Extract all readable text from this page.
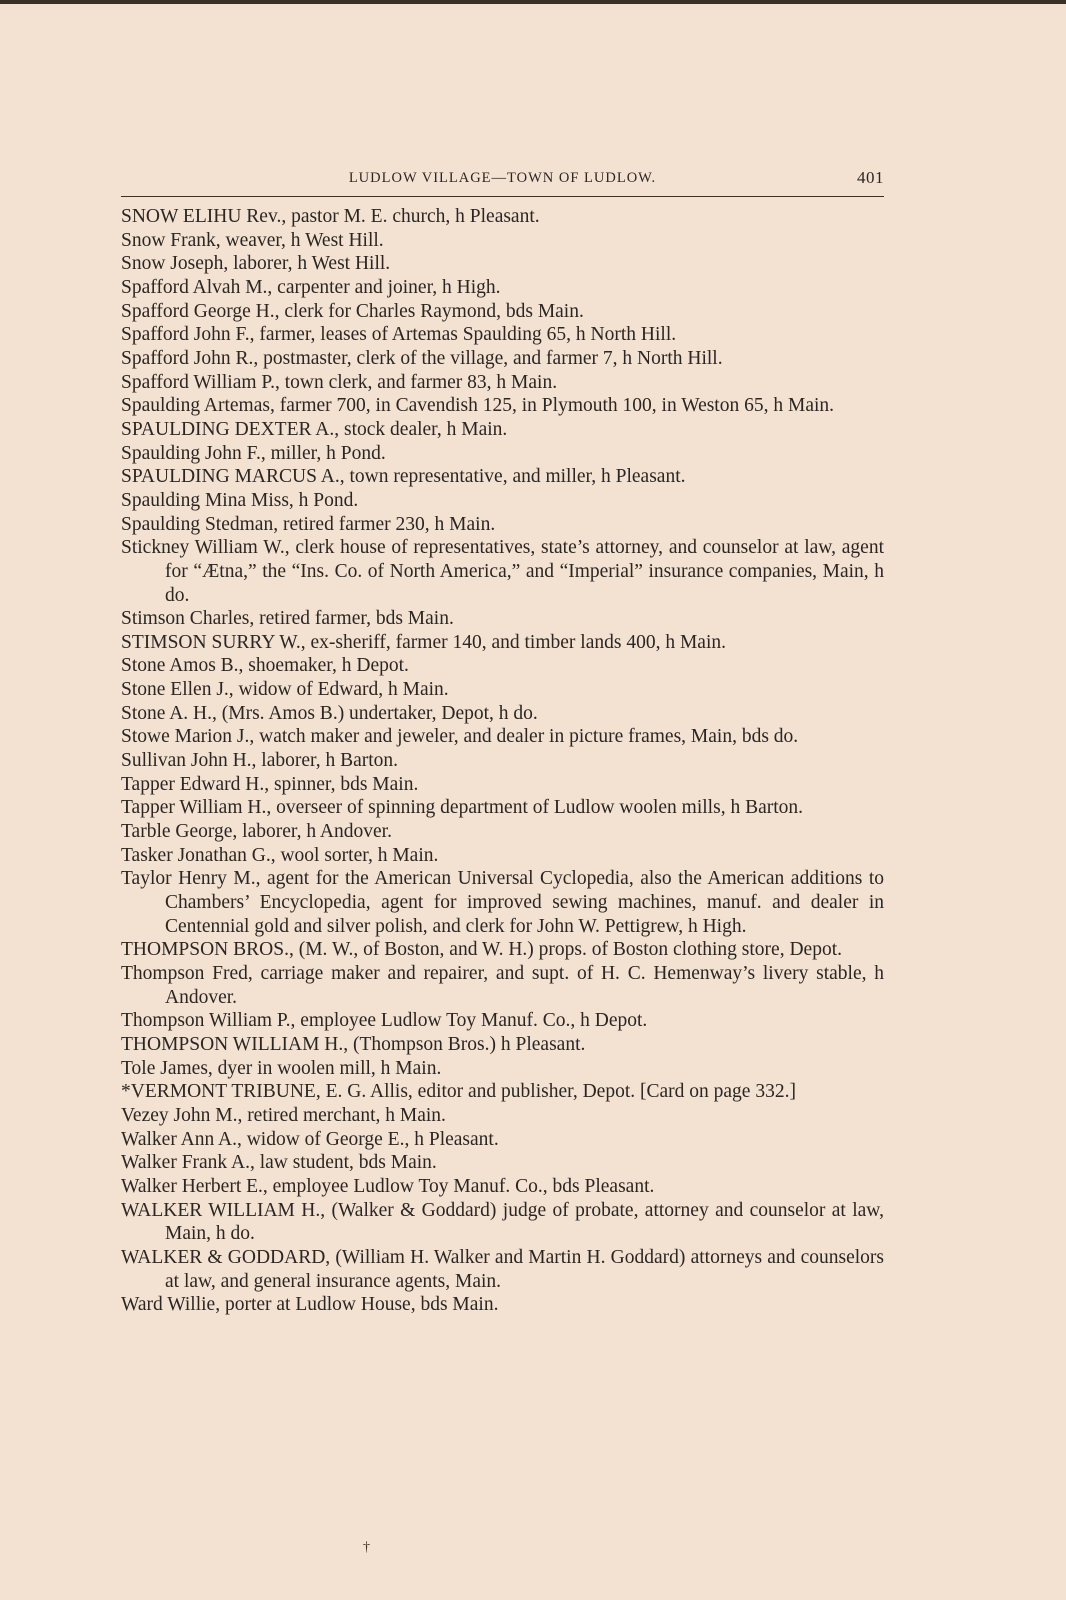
LUDLOW VILLAGE—TOWN OF LUDLOW.	401

SNOW ELIHU Rev., pastor M. E. church, h Pleasant.

Snow Frank, weaver, h West Hill.

Snow Joseph, laborer, h West Hill.

Spafford Alvah M., carpenter and joiner, h High.

Spafford George H., clerk for Charles Raymond, bds Main.

Spafford John F., farmer, leases of Artemas Spaulding 65, h North Hill.

Spafford John R., postmaster, clerk of the village, and farmer 7, h North Hill.

Spafford William P., town clerk, and farmer 83, h Main.

Spaulding Artemas, farmer 700, in Cavendish 125, in Plymouth 100, in Weston 65, h Main.

SPAULDING DEXTER A., stock dealer, h Main.

Spaulding John F., miller, h Pond.

SPAULDING MARCUS A., town representative, and miller, h Pleasant.

Spaulding Mina Miss, h Pond.

Spaulding Stedman, retired farmer 230, h Main.

Stickney William W., clerk house of representatives, state’s attorney, and counselor at law, agent for “Ætna,” the “Ins. Co. of North America,” and “Imperial” insurance companies, Main, h do.

Stimson Charles, retired farmer, bds Main.

STIMSON SURRY W., ex-sheriff, farmer 140, and timber lands 400, h Main.

Stone Amos B., shoemaker, h Depot.

Stone Ellen J., widow of Edward, h Main.

Stone A. H., (Mrs. Amos B.) undertaker, Depot, h do.

Stowe Marion J., watch maker and jeweler, and dealer in picture frames, Main, bds do.

Sullivan John H., laborer, h Barton.

Tapper Edward H., spinner, bds Main.

Tapper William H., overseer of spinning department of Ludlow woolen mills, h Barton.

Tarble George, laborer, h Andover.

Tasker Jonathan G., wool sorter, h Main.

Taylor Henry M., agent for the American Universal Cyclopedia, also the American additions to Chambers’ Encyclopedia, agent for improved sewing machines, manuf. and dealer in Centennial gold and silver polish, and clerk for John W. Pettigrew, h High.

THOMPSON BROS., (M. W., of Boston, and W. H.) props. of Boston clothing store, Depot.

Thompson Fred, carriage maker and repairer, and supt. of H. C. Hemenway’s livery stable, h Andover.

Thompson William P., employee Ludlow Toy Manuf. Co., h Depot.

THOMPSON WILLIAM H., (Thompson Bros.) h Pleasant.

Tole James, dyer in woolen mill, h Main.

*VERMONT TRIBUNE, E. G. Allis, editor and publisher, Depot. [Card on page 332.]

Vezey John M., retired merchant, h Main.

Walker Ann A., widow of George E., h Pleasant.

Walker Frank A., law student, bds Main.

Walker Herbert E., employee Ludlow Toy Manuf. Co., bds Pleasant.

WALKER WILLIAM H., (Walker & Goddard) judge of probate, attorney and counselor at law, Main, h do.

WALKER & GODDARD, (William H. Walker and Martin H. Goddard) attorneys and counselors at law, and general insurance agents, Main.

Ward Willie, porter at Ludlow House, bds Main.

†
